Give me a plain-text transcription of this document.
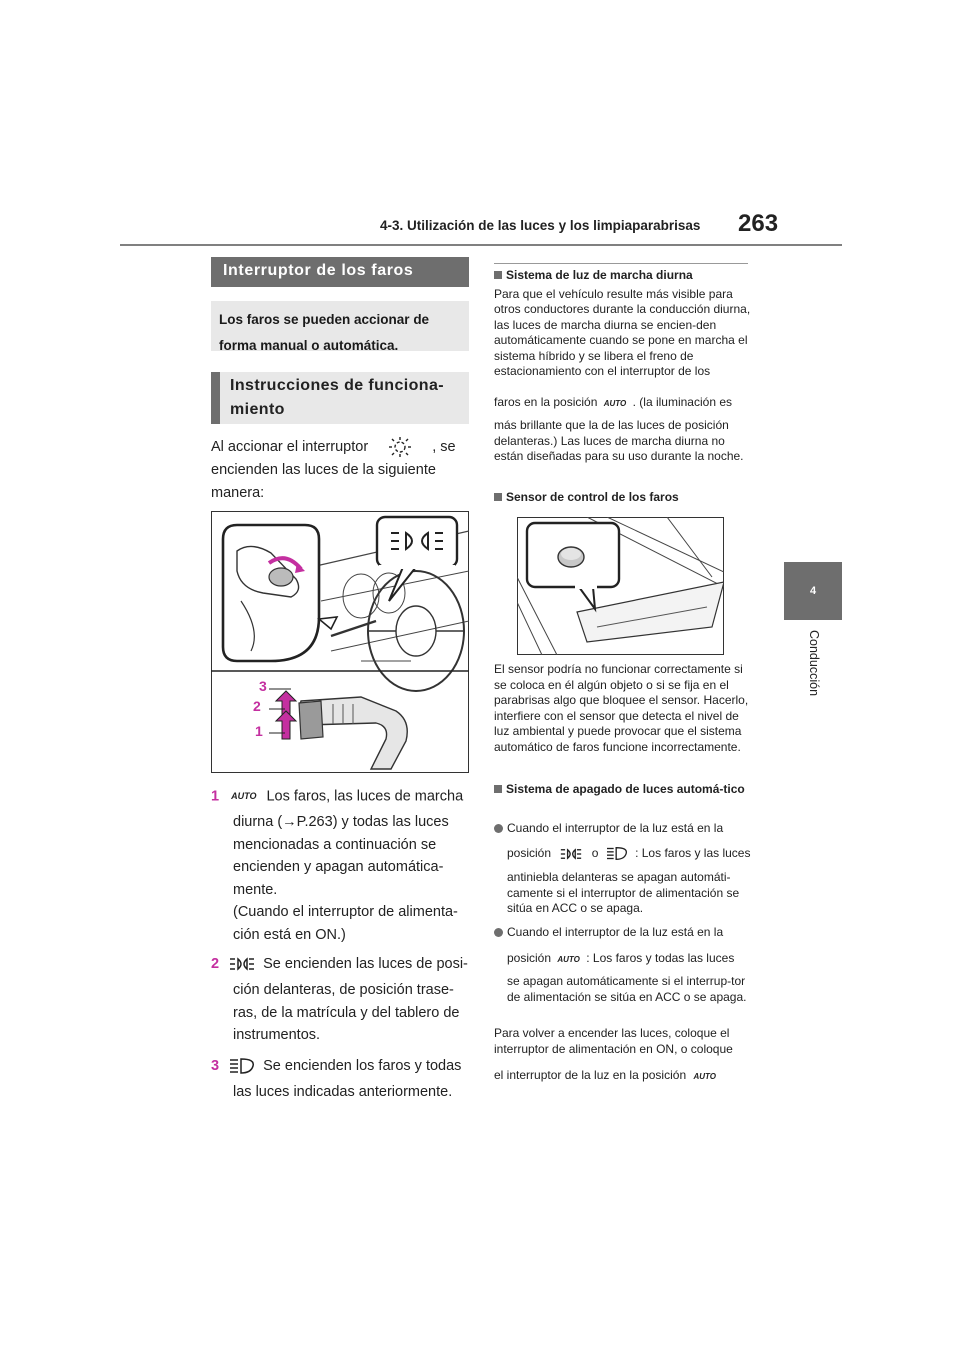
4-3. Utilización de las luces y los limpiaparabrisas 263
4
Conducción
Interruptor de los faros
Los faros se pueden accionar de forma manual o automática.
Instrucciones de funciona-miento
Al accionar el interruptor	, se
encienden las luces de la siguiente manera:
3
2
1
1 AUTO Los faros, las luces de marcha
diurna (→P.263) y todas las luces mencionadas a continuación se encienden y apagan automática-mente.
(Cuando el interruptor de alimenta-ción está en ON.)
2	Se encienden las luces de posi-
ción delanteras, de posición trase-ras, de la matrícula y del tablero de instrumentos.
3	Se encienden los faros y todas
las luces indicadas anteriormente.
Sistema de luz de marcha diurna
Para que el vehículo resulte más visible para otros conductores durante la conducción diurna, las luces de marcha diurna se encien-den automáticamente cuando se pone en marcha el sistema híbrido y se libera el freno de estacionamiento con el interruptor de los
faros en la posición AUTO . (la iluminación es
más brillante que la de las luces de posición delanteras.) Las luces de marcha diurna no están diseñadas para su uso durante la noche.
Sensor de control de los faros
El sensor podría no funcionar correctamente si se coloca en él algún objeto o si se fija en el parabrisas algo que bloquee el sensor. Hacerlo, interfiere con el sensor que detecta el nivel de luz ambiental y puede provocar que el sistema automático de faros funcione incorrectamente.
Sistema de apagado de luces automá-tico
Cuando el interruptor de la luz está en la
posición	o	: Los faros y las luces
antiniebla delanteras se apagan automáti-camente si el interruptor de alimentación se sitúa en ACC o se apaga.
Cuando el interruptor de la luz está en la
posición AUTO : Los faros y todas las luces
se apagan automáticamente si el interrup-tor de alimentación se sitúa en ACC o se apaga.
Para volver a encender las luces, coloque el interruptor de alimentación en ON, o coloque
el interruptor de la luz en la posición AUTO
